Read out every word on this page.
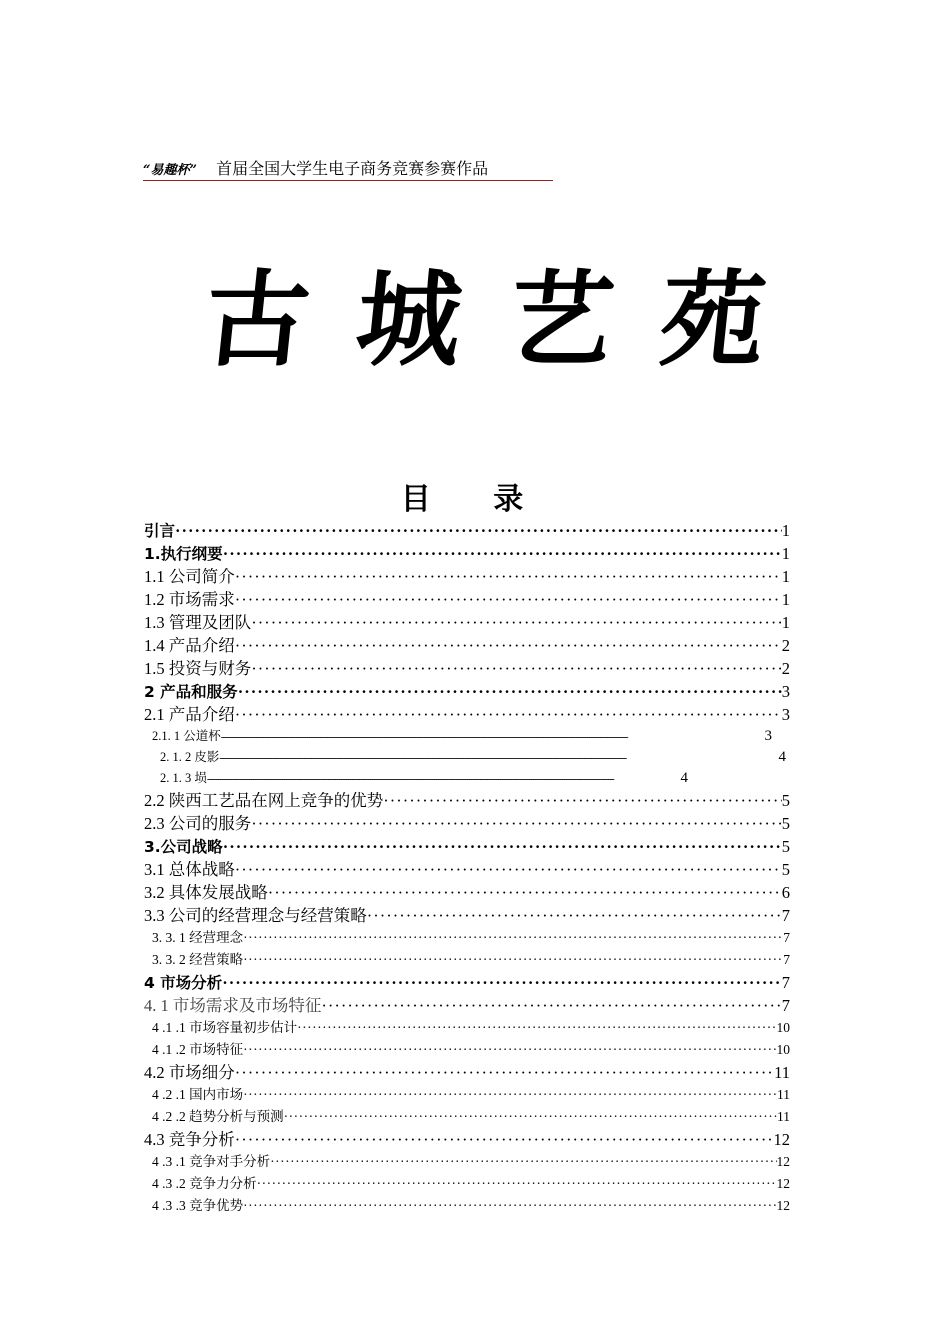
“易趣杯” 首届全国大学生电子商务竞赛参赛作品
古 城 艺 苑
目 录
引言 ·····	1
1.执行纲要 ·····	1
1.1 公司简介 ·····	1
1.2 市场需求 ·····	1
1.3 管理及团队 ·····	1
1.4 产品介绍 ·····	2
1.5 投资与财务 ·····	2
2 产品和服务 ·····	3
2.1 产品介绍 ·····	3
2.1. 1 公道杯 -----	3
2. 1. 2 皮影 -----	4
2. 1. 3 埙 -----	4
2.2 陕西工艺品在网上竞争的优势 ·····	5
2.3 公司的服务 ·····	5
3.公司战略 ·····	5
3.1 总体战略 ·····	5
3.2 具体发展战略 ·····	6
3.3 公司的经营理念与经营策略 ·····	7
3. 3. 1 经营理念 ·····	7
3. 3. 2 经营策略 ·····	7
4 市场分析 ·····	7
4. 1 市场需求及市场特征 ·····	7
4 .1 .1 市场容量初步估计 ·····	10
4 .1 .2 市场特征 ·····	10
4.2 市场细分 ·····	11
4 .2 .1 国内市场 ·····	11
4 .2 .2 趋势分析与预测 ·····	11
4.3 竞争分析 ·····	12
4 .3 .1 竞争对手分析 ·····	12
4 .3 .2 竞争力分析 ·····	12
4 .3 .3 竞争优势 ·····	12
